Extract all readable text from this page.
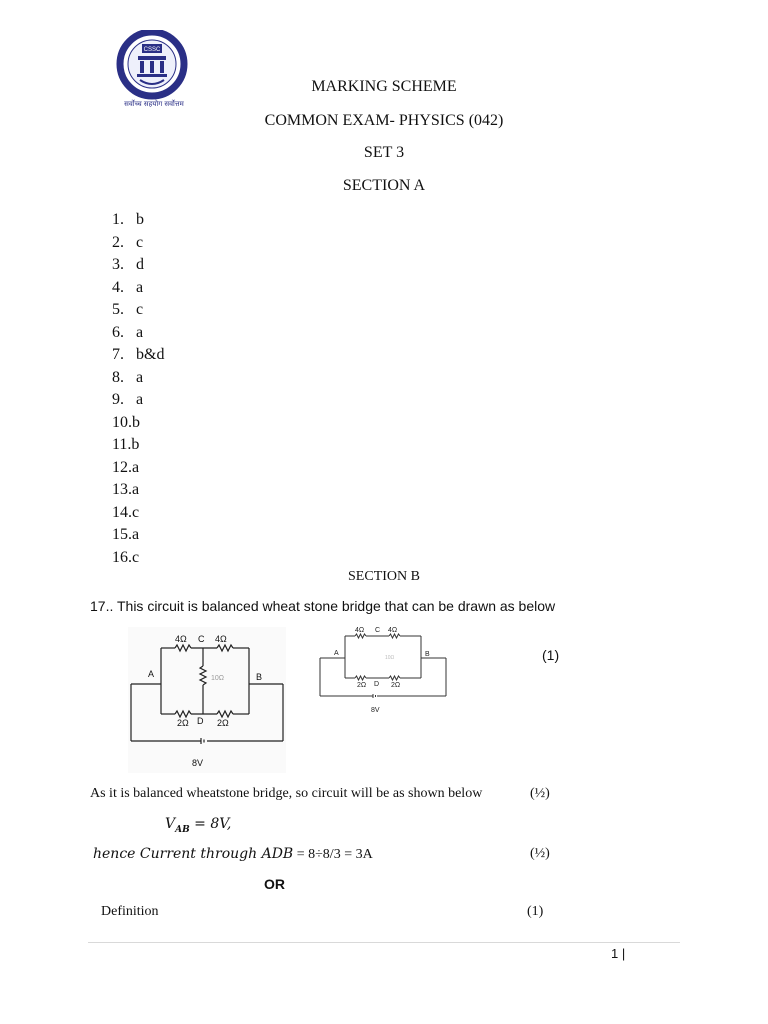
CSSC
सर्वोच्च सहयोग सर्वोत्तम
MARKING SCHEME
COMMON EXAM- PHYSICS (042)
SET 3
SECTION A
1. b
2. c
3. d
4. a
5. c
6. a
7. b&d
8. a
9. a
10.b
11.b
12.a
13.a
14.c
15.a
16.c
SECTION B
17.. This circuit is balanced wheat stone bridge that can be drawn as below
4Ω C 4Ω
10Ω
A	B
2Ω D 2Ω
8V
4Ω C 4Ω
10Ω
A	B
2Ω D 2Ω
8V
(1)
As it is balanced wheatstone bridge, so circuit will be as shown below	(½)
$V_{AB} = 8V$,
hence Current through ADB = 8÷8/3 = 3A	(½)
OR
Definition	(1)
1 |
